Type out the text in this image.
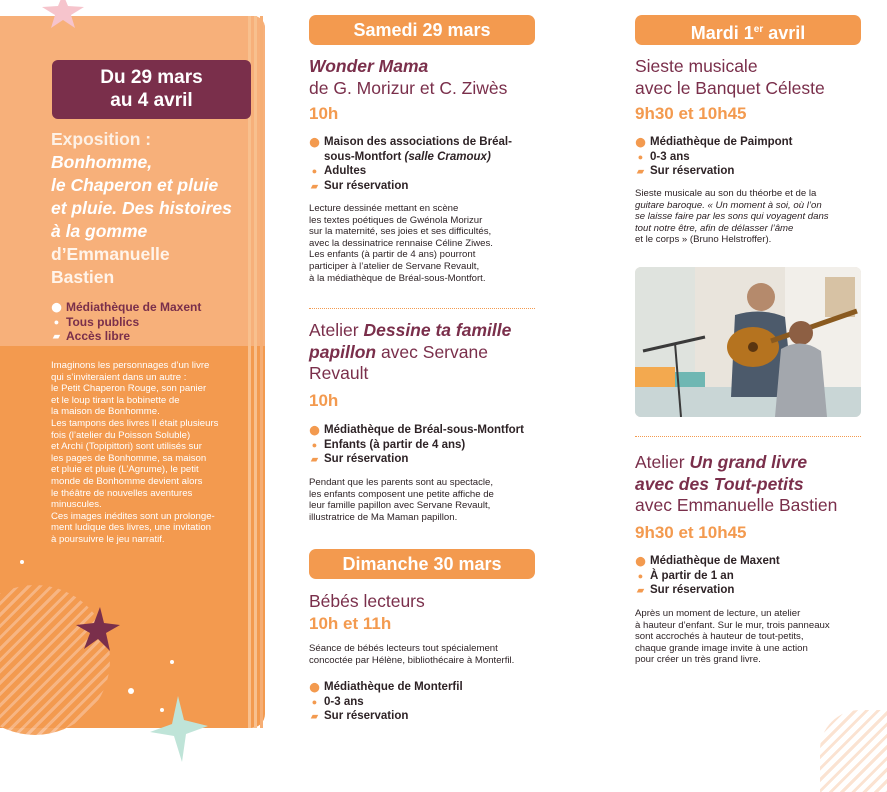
Du 29 mars
au 4 avril
Exposition :
Bonhomme,
le Chaperon et pluie
et pluie. Des histoires
à la gomme
d’Emmanuelle
Bastien
⬤ Médiathèque de Maxent
● Tous publics
▰ Accès libre
Imaginons les personnages d’un livre
qui s’inviteraient dans un autre :
le Petit Chaperon Rouge, son panier
et le loup tirant la bobinette de
la maison de Bonhomme.
Les tampons des livres Il était plusieurs
fois (l’atelier du Poisson Soluble)
et Archi (Topipittori) sont utilisés sur
les pages de Bonhomme, sa maison
et pluie et pluie (L’Agrume), le petit
monde de Bonhomme devient alors
le théâtre de nouvelles aventures
minuscules.
Ces images inédites sont un prolonge-
ment ludique des livres, une invitation
à poursuivre le jeu narratif.
Samedi 29 mars
Wonder Mama
de G. Morizur et C. Ziwès
10h
⬤ Maison des associations de Bréal-
sous-Montfort (salle Cramoux)
● Adultes
▰ Sur réservation
Lecture dessinée mettant en scène
les textes poétiques de Gwénola Morizur
sur la maternité, ses joies et ses difficultés,
avec la dessinatrice rennaise Céline Ziwes.
Les enfants (à partir de 4 ans) pourront
participer à l’atelier de Servane Revault,
à la médiathèque de Bréal-sous-Montfort.
Atelier Dessine ta famille
papillon avec Servane
Revault
10h
⬤ Médiathèque de Bréal-sous-Montfort
● Enfants (à partir de 4 ans)
▰ Sur réservation
Pendant que les parents sont au spectacle,
les enfants composent une petite affiche de
leur famille papillon avec Servane Revault,
illustratrice de Ma Maman papillon.
Dimanche 30 mars
Bébés lecteurs
10h et 11h
Séance de bébés lecteurs tout spécialement
concoctée par Hélène, bibliothécaire à Monterfil.
⬤ Médiathèque de Monterfil
● 0-3 ans
▰ Sur réservation
Mardi 1er avril
Sieste musicale
avec le Banquet Céleste
9h30 et 10h45
⬤ Médiathèque de Paimpont
● 0-3 ans
▰ Sur réservation
Sieste musicale au son du théorbe et de la
guitare baroque. « Un moment à soi, où l’on
se laisse faire par les sons qui voyagent dans
tout notre être, afin de délasser l’âme
et le corps » (Bruno Helstroffer).
Atelier Un grand livre
avec des Tout-petits
avec Emmanuelle Bastien
9h30 et 10h45
⬤ Médiathèque de Maxent
● À partir de 1 an
▰ Sur réservation
Après un moment de lecture, un atelier
à hauteur d’enfant. Sur le mur, trois panneaux
sont accrochés à hauteur de tout-petits,
chaque grande image invite à une action
pour créer un très grand livre.
